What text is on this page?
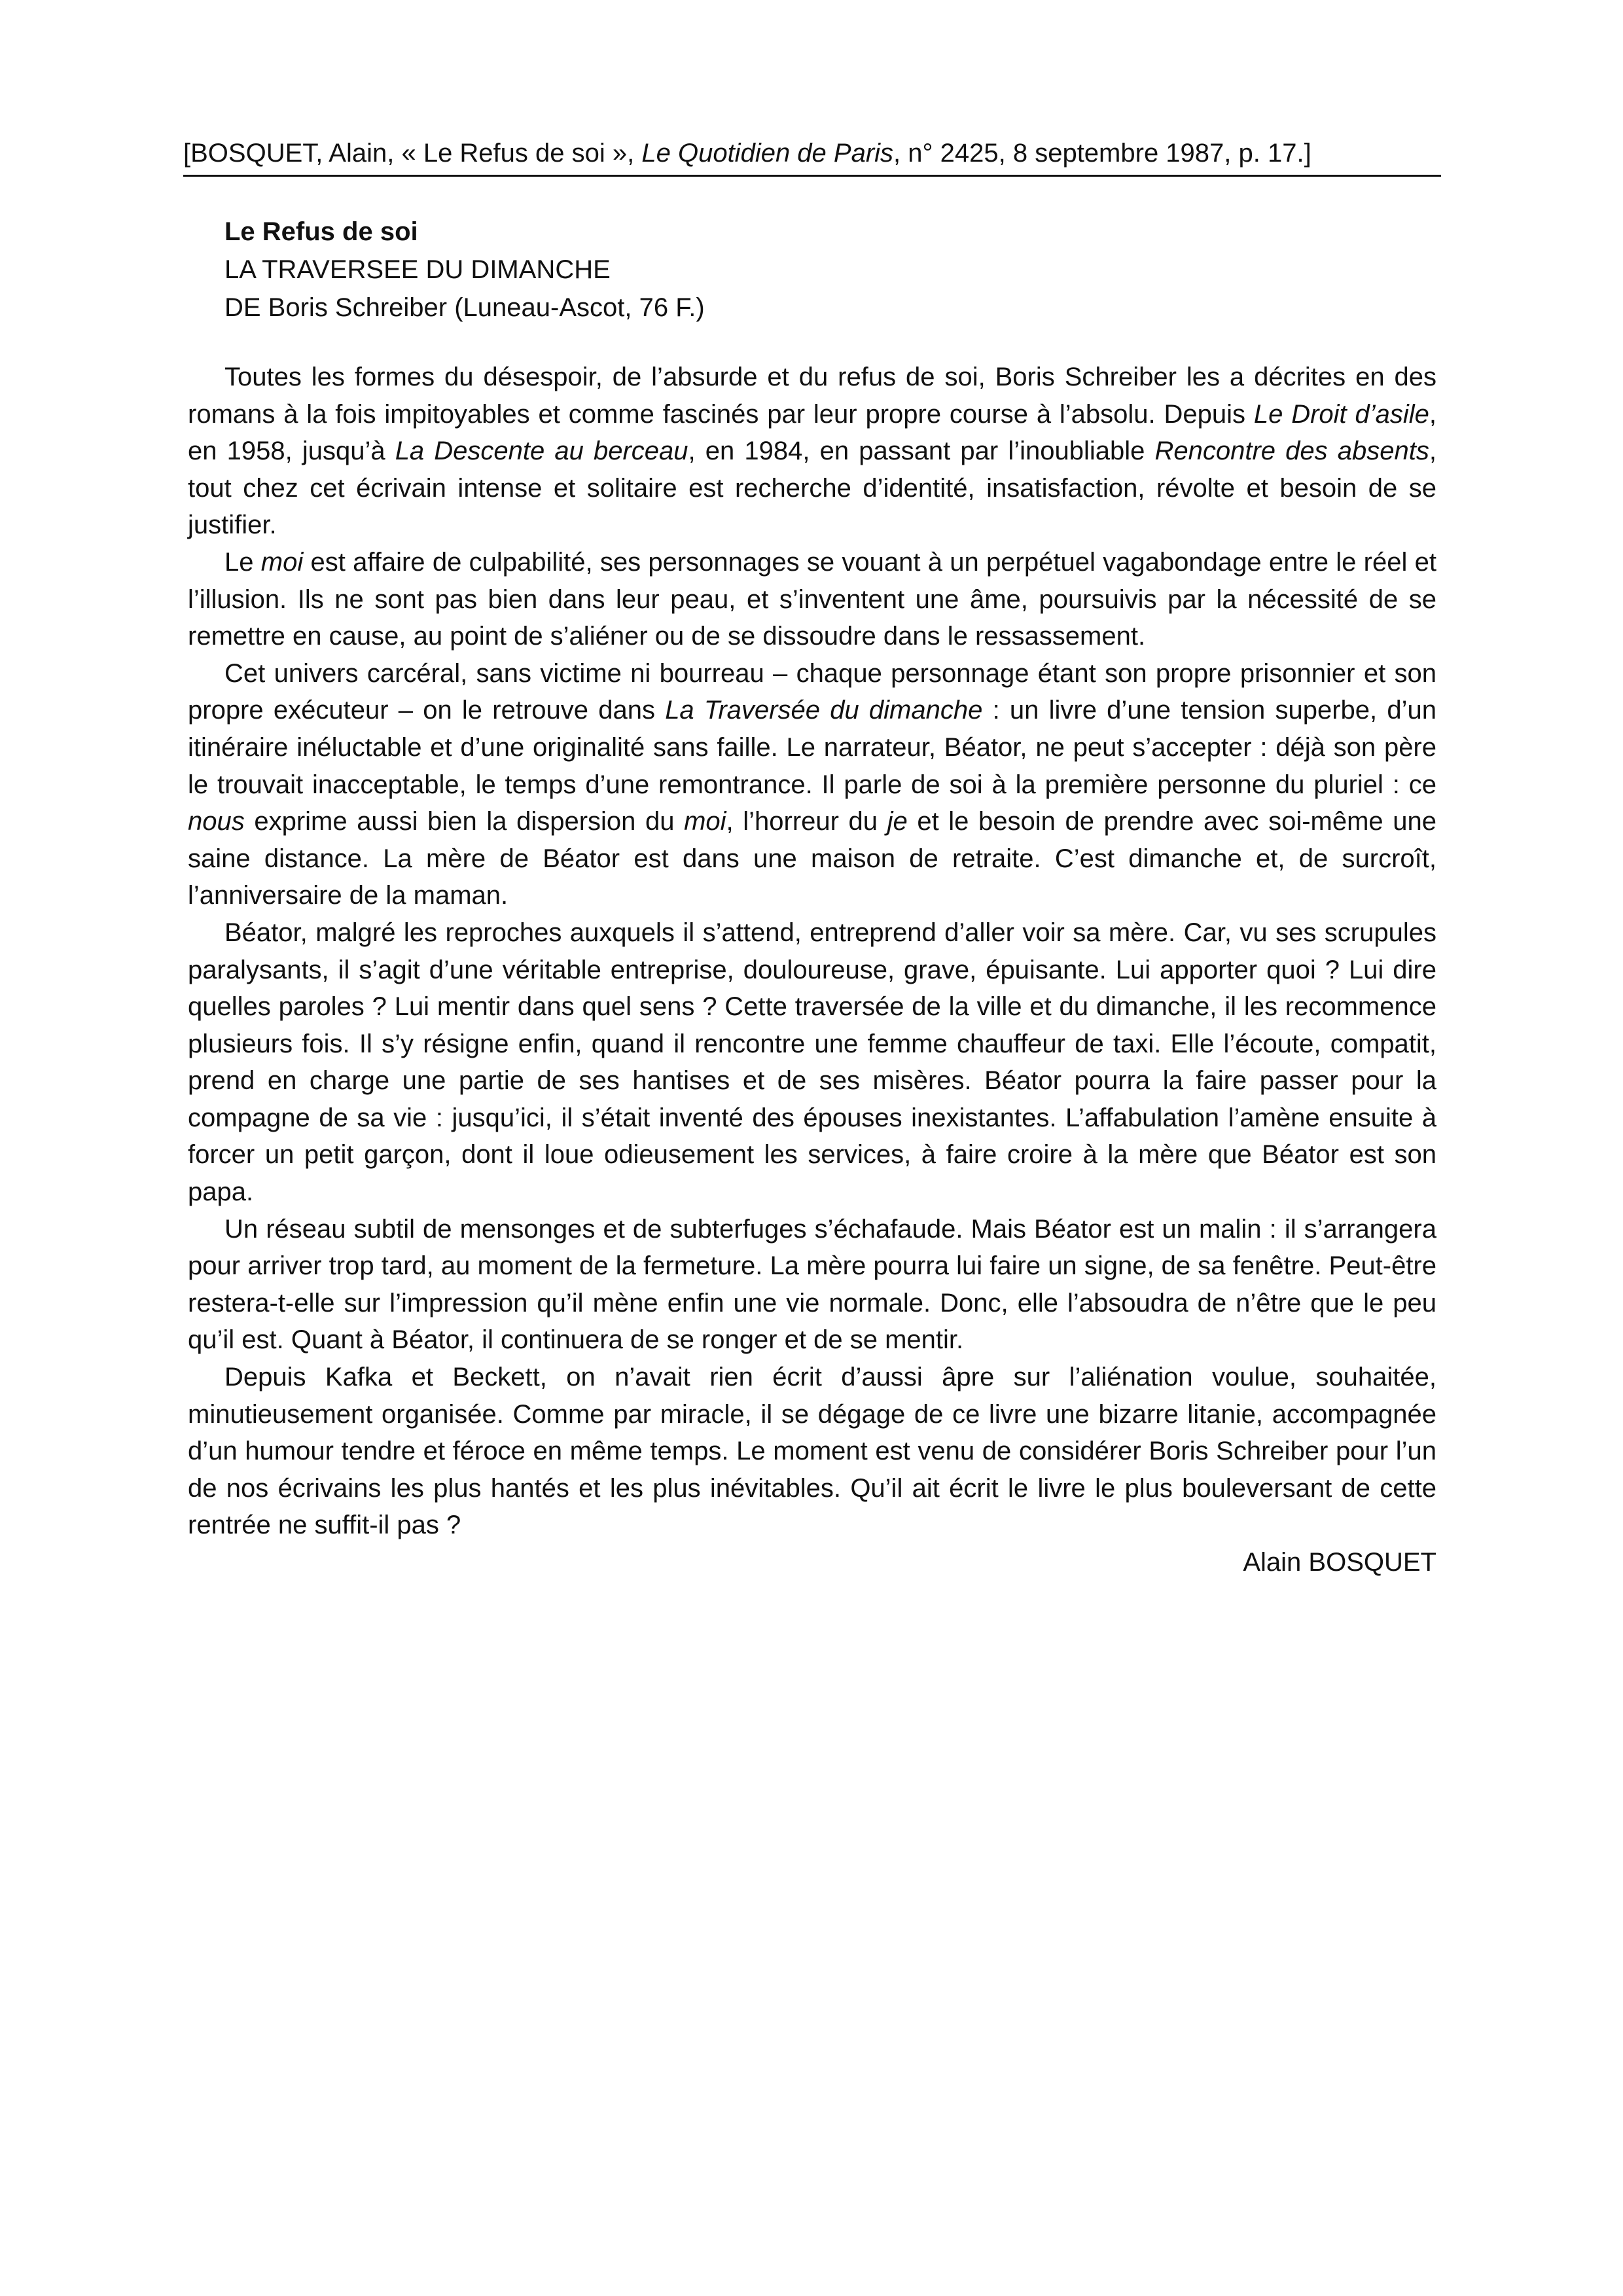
[BOSQUET, Alain, « Le Refus de soi », Le Quotidien de Paris, n° 2425, 8 septembre 1987, p. 17.]
Le Refus de soi
LA TRAVERSEE DU DIMANCHE
DE Boris Schreiber (Luneau-Ascot, 76 F.)

Toutes les formes du désespoir, de l’absurde et du refus de soi, Boris Schreiber les a décrites en des romans à la fois impitoyables et comme fascinés par leur propre course à l’absolu. Depuis Le Droit d’asile, en 1958, jusqu’à La Descente au berceau, en 1984, en passant par l’inoubliable Rencontre des absents, tout chez cet écrivain intense et solitaire est recherche d’identité, insatisfaction, révolte et besoin de se justifier.

Le moi est affaire de culpabilité, ses personnages se vouant à un perpétuel vagabondage entre le réel et l’illusion. Ils ne sont pas bien dans leur peau, et s’inventent une âme, poursuivis par la nécessité de se remettre en cause, au point de s’aliéner ou de se dissoudre dans le ressassement.

Cet univers carcéral, sans victime ni bourreau – chaque personnage étant son propre prisonnier et son propre exécuteur – on le retrouve dans La Traversée du dimanche : un livre d’une tension superbe, d’un itinéraire inéluctable et d’une originalité sans faille. Le narrateur, Béator, ne peut s’accepter : déjà son père le trouvait inacceptable, le temps d’une remontrance. Il parle de soi à la première personne du pluriel : ce nous exprime aussi bien la dispersion du moi, l’horreur du je et le besoin de prendre avec soi-même une saine distance. La mère de Béator est dans une maison de retraite. C’est dimanche et, de surcroît, l’anniversaire de la maman.

Béator, malgré les reproches auxquels il s’attend, entreprend d’aller voir sa mère. Car, vu ses scrupules paralysants, il s’agit d’une véritable entreprise, douloureuse, grave, épuisante. Lui apporter quoi ? Lui dire quelles paroles ? Lui mentir dans quel sens ? Cette traversée de la ville et du dimanche, il les recommence plusieurs fois. Il s’y résigne enfin, quand il rencontre une femme chauffeur de taxi. Elle l’écoute, compatit, prend en charge une partie de ses hantises et de ses misères. Béator pourra la faire passer pour la compagne de sa vie : jusqu’ici, il s’était inventé des épouses inexistantes. L’affabulation l’amène ensuite à forcer un petit garçon, dont il loue odieusement les services, à faire croire à la mère que Béator est son papa.

Un réseau subtil de mensonges et de subterfuges s’échafaude. Mais Béator est un malin : il s’arrangera pour arriver trop tard, au moment de la fermeture. La mère pourra lui faire un signe, de sa fenêtre. Peut-être restera-t-elle sur l’impression qu’il mène enfin une vie normale. Donc, elle l’absoudra de n’être que le peu qu’il est. Quant à Béator, il continuera de se ronger et de se mentir.

Depuis Kafka et Beckett, on n’avait rien écrit d’aussi âpre sur l’aliénation voulue, souhaitée, minutieusement organisée. Comme par miracle, il se dégage de ce livre une bizarre litanie, accompagnée d’un humour tendre et féroce en même temps. Le moment est venu de considérer Boris Schreiber pour l’un de nos écrivains les plus hantés et les plus inévitables. Qu’il ait écrit le livre le plus bouleversant de cette rentrée ne suffit-il pas ?

Alain BOSQUET
